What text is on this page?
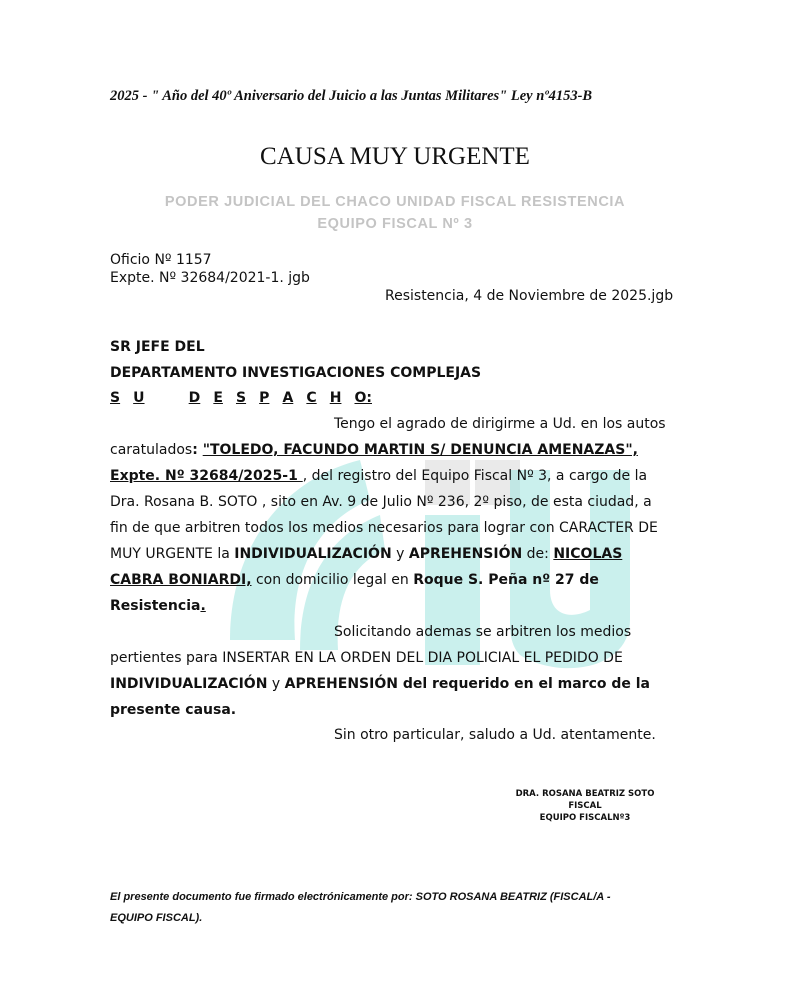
2025 - " Año del 40º Aniversario del Juicio a las Juntas Militares" Ley nº4153-B
CAUSA MUY URGENTE
PODER JUDICIAL DEL CHACO UNIDAD FISCAL RESISTENCIA
EQUIPO FISCAL Nº 3
Oficio Nº 1157
Expte. Nº 32684/2021-1. jgb
Resistencia, 4 de Noviembre de 2025.jgb
SR JEFE DEL
DEPARTAMENTO INVESTIGACIONES COMPLEJAS
S U	D E S P A C H O:
Tengo el agrado de dirigirme a Ud. en los autos
caratulados: "TOLEDO, FACUNDO MARTIN S/ DENUNCIA AMENAZAS",
Expte. Nº 32684/2025-1 , del registro del Equipo Fiscal Nº 3, a cargo de la
Dra. Rosana B. SOTO , sito en Av. 9 de Julio Nº 236, 2º piso, de esta ciudad, a
fin de que arbitren todos los medios necesarios para lograr con CARACTER DE
MUY URGENTE la INDIVIDUALIZACIÓN y APREHENSIÓN de: NICOLAS
CABRA BONIARDI, con domicilio legal en Roque S. Peña nº 27 de
Resistencia.
Solicitando ademas se arbitren los medios
pertientes para INSERTAR EN LA ORDEN DEL DIA POLICIAL EL PEDIDO DE
INDIVIDUALIZACIÓN y APREHENSIÓN del requerido en el marco de la
presente causa.
Sin otro particular, saludo a Ud. atentamente.
DRA. ROSANA BEATRIZ SOTO
FISCAL
EQUIPO FISCALNº3
El presente documento fue firmado electrónicamente por: SOTO ROSANA BEATRIZ (FISCAL/A -
EQUIPO FISCAL).
